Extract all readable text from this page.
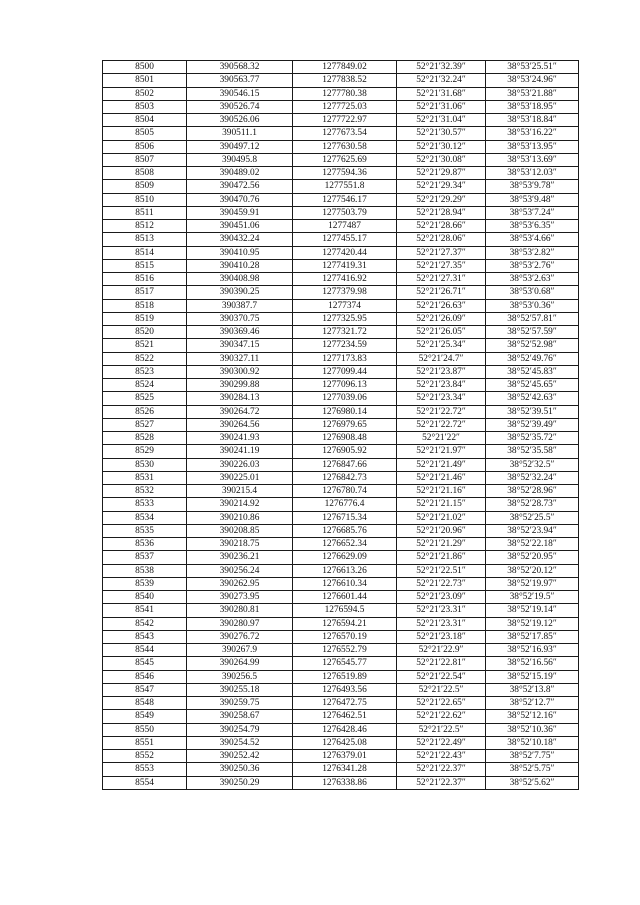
8500	390568.32	1277849.02	52°21′32.39″	38°53′25.51″
8501	390563.77	1277838.52	52°21′32.24″	38°53′24.96″
8502	390546.15	1277780.38	52°21′31.68″	38°53′21.88″
8503	390526.74	1277725.03	52°21′31.06″	38°53′18.95″
8504	390526.06	1277722.97	52°21′31.04″	38°53′18.84″
8505	390511.1	1277673.54	52°21′30.57″	38°53′16.22″
8506	390497.12	1277630.58	52°21′30.12″	38°53′13.95″
8507	390495.8	1277625.69	52°21′30.08″	38°53′13.69″
8508	390489.02	1277594.36	52°21′29.87″	38°53′12.03″
8509	390472.56	1277551.8	52°21′29.34″	38°53′9.78″
8510	390470.76	1277546.17	52°21′29.29″	38°53′9.48″
8511	390459.91	1277503.79	52°21′28.94″	38°53′7.24″
8512	390451.06	1277487	52°21′28.66″	38°53′6.35″
8513	390432.24	1277455.17	52°21′28.06″	38°53′4.66″
8514	390410.95	1277420.44	52°21′27.37″	38°53′2.82″
8515	390410.28	1277419.31	52°21′27.35″	38°53′2.76″
8516	390408.98	1277416.92	52°21′27.31″	38°53′2.63″
8517	390390.25	1277379.98	52°21′26.71″	38°53′0.68″
8518	390387.7	1277374	52°21′26.63″	38°53′0.36″
8519	390370.75	1277325.95	52°21′26.09″	38°52′57.81″
8520	390369.46	1277321.72	52°21′26.05″	38°52′57.59″
8521	390347.15	1277234.59	52°21′25.34″	38°52′52.98″
8522	390327.11	1277173.83	52°21′24.7″	38°52′49.76″
8523	390300.92	1277099.44	52°21′23.87″	38°52′45.83″
8524	390299.88	1277096.13	52°21′23.84″	38°52′45.65″
8525	390284.13	1277039.06	52°21′23.34″	38°52′42.63″
8526	390264.72	1276980.14	52°21′22.72″	38°52′39.51″
8527	390264.56	1276979.65	52°21′22.72″	38°52′39.49″
8528	390241.93	1276908.48	52°21′22″	38°52′35.72″
8529	390241.19	1276905.92	52°21′21.97″	38°52′35.58″
8530	390226.03	1276847.66	52°21′21.49″	38°52′32.5″
8531	390225.01	1276842.73	52°21′21.46″	38°52′32.24″
8532	390215.4	1276780.74	52°21′21.16″	38°52′28.96″
8533	390214.92	1276776.4	52°21′21.15″	38°52′28.73″
8534	390210.86	1276715.34	52°21′21.02″	38°52′25.5″
8535	390208.85	1276685.76	52°21′20.96″	38°52′23.94″
8536	390218.75	1276652.34	52°21′21.29″	38°52′22.18″
8537	390236.21	1276629.09	52°21′21.86″	38°52′20.95″
8538	390256.24	1276613.26	52°21′22.51″	38°52′20.12″
8539	390262.95	1276610.34	52°21′22.73″	38°52′19.97″
8540	390273.95	1276601.44	52°21′23.09″	38°52′19.5″
8541	390280.81	1276594.5	52°21′23.31″	38°52′19.14″
8542	390280.97	1276594.21	52°21′23.31″	38°52′19.12″
8543	390276.72	1276570.19	52°21′23.18″	38°52′17.85″
8544	390267.9	1276552.79	52°21′22.9″	38°52′16.93″
8545	390264.99	1276545.77	52°21′22.81″	38°52′16.56″
8546	390256.5	1276519.89	52°21′22.54″	38°52′15.19″
8547	390255.18	1276493.56	52°21′22.5″	38°52′13.8″
8548	390259.75	1276472.75	52°21′22.65″	38°52′12.7″
8549	390258.67	1276462.51	52°21′22.62″	38°52′12.16″
8550	390254.79	1276428.46	52°21′22.5″	38°52′10.36″
8551	390254.52	1276425.08	52°21′22.49″	38°52′10.18″
8552	390252.42	1276379.01	52°21′22.43″	38°52′7.75″
8553	390250.36	1276341.28	52°21′22.37″	38°52′5.75″
8554	390250.29	1276338.86	52°21′22.37″	38°52′5.62″
